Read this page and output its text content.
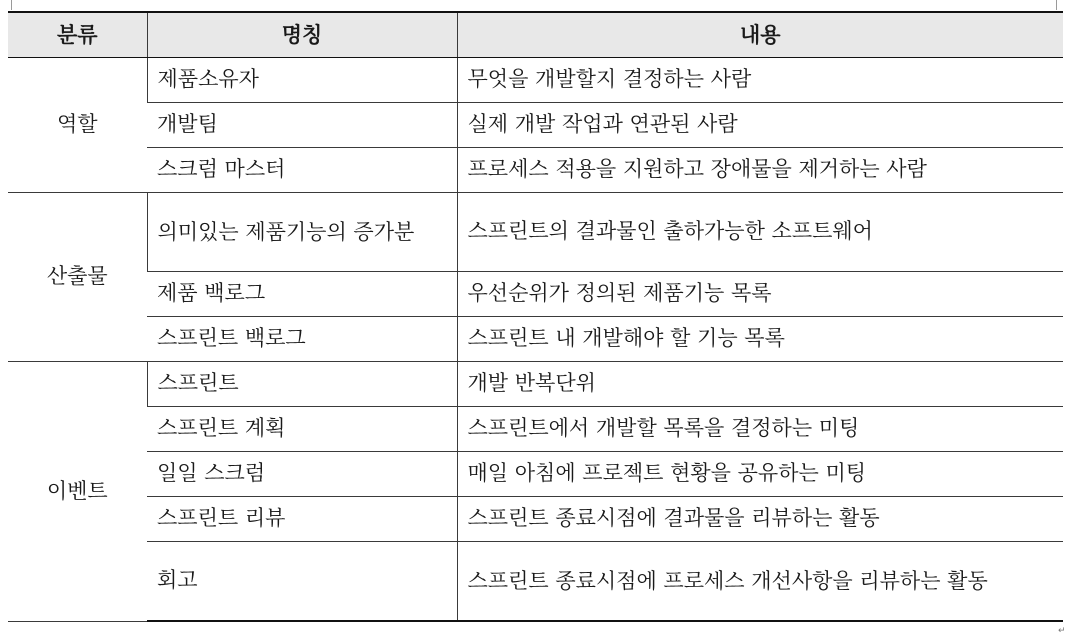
분류	명칭	내용
역할	제품소유자	무엇을 개발할지 결정하는 사람
	개발팀	실제 개발 작업과 연관된 사람
	스크럼 마스터	프로세스 적용을 지원하고 장애물을 제거하는 사람
산출물	의미있는 제품기능의 증가분	스프린트의 결과물인 출하가능한 소프트웨어
	제품 백로그	우선순위가 정의된 제품기능 목록
	스프린트 백로그	스프린트 내 개발해야 할 기능 목록
이벤트	스프린트	개발 반복단위
	스프린트 계획	스프린트에서 개발할 목록을 결정하는 미팅
	일일 스크럼	매일 아침에 프로젝트 현황을 공유하는 미팅
	스프린트 리뷰	스프린트 종료시점에 결과물을 리뷰하는 활동
	회고	스프린트 종료시점에 프로세스 개선사항을 리뷰하는 활동
↵
